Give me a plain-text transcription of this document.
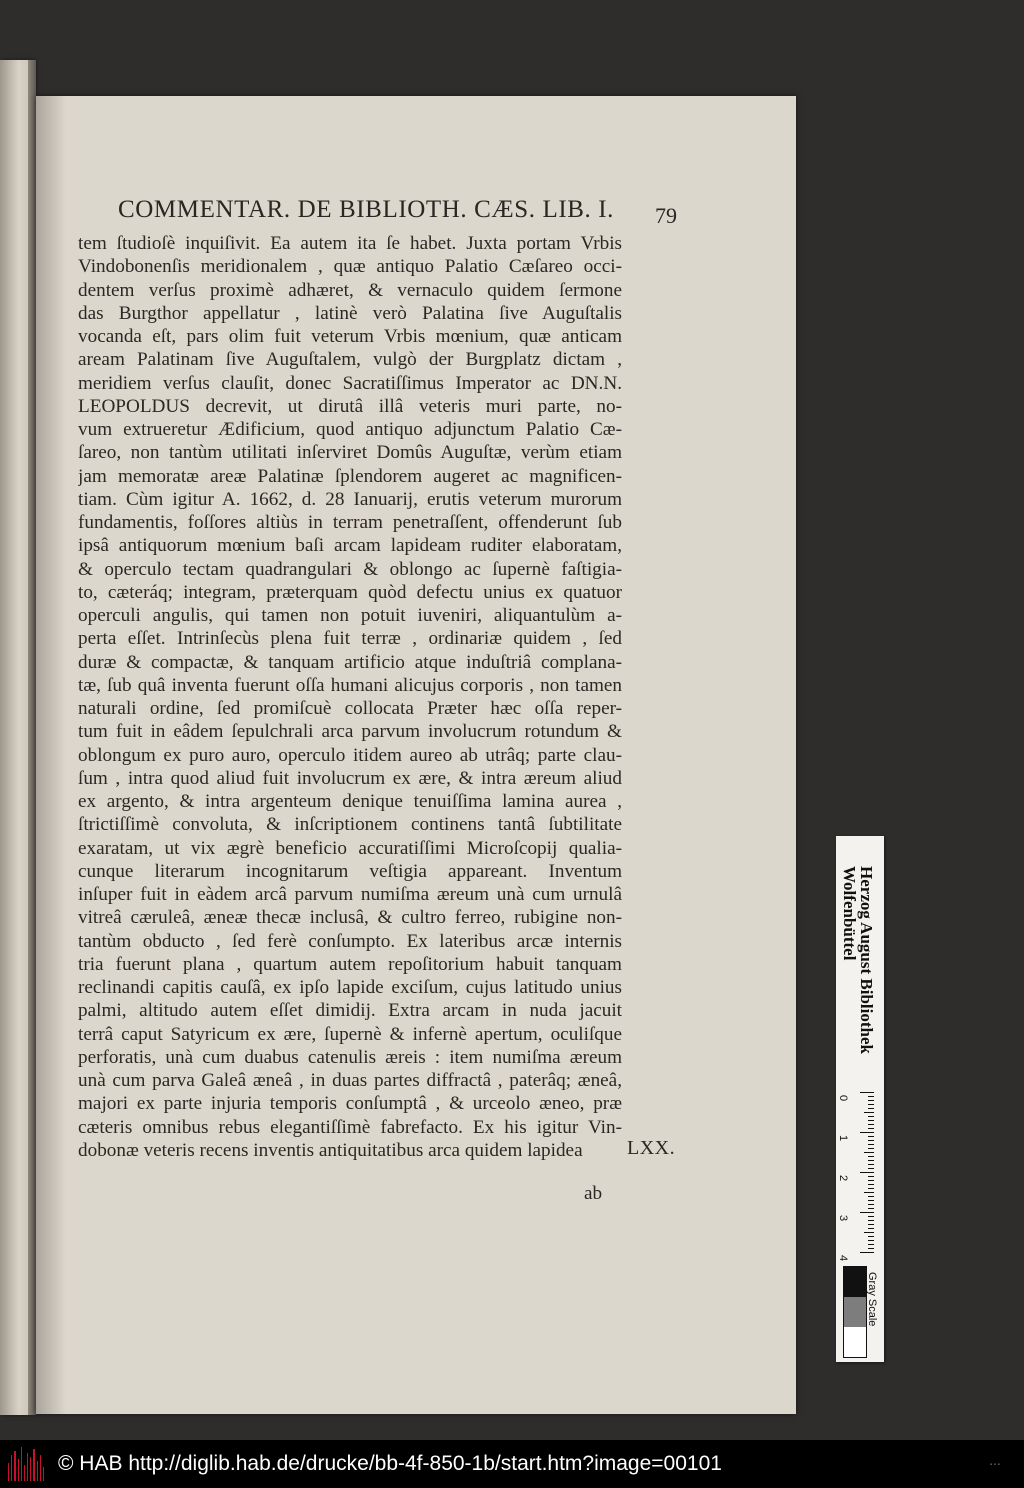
COMMENTAR. DE BIBLIOTH. CÆS. LIB. I. 79
tem ſtudioſè inquiſivit. Ea autem ita ſe habet. Juxta portam Vrbis
Vindobonenſis meridionalem , quæ antiquo Palatio Cæſareo occi-
dentem verſus proximè adhæret, & vernaculo quidem ſermone
das Burgthor appellatur , latinè verò Palatina ſive Auguſtalis
vocanda eſt, pars olim fuit veterum Vrbis mœnium, quæ anticam
aream Palatinam ſive Auguſtalem, vulgò der Burgplatz dictam ,
meridiem verſus clauſit, donec Sacratiſſimus Imperator ac DN.N.
LEOPOLDUS decrevit, ut dirutâ illâ veteris muri parte, no-
vum extrueretur Ædificium, quod antiquo adjunctum Palatio Cæ-
ſareo, non tantùm utilitati inſerviret Domûs Auguſtæ, verùm etiam
jam memoratæ areæ Palatinæ ſplendorem augeret ac magnificen-
tiam. Cùm igitur A. 1662, d. 28 Ianuarij, erutis veterum murorum
fundamentis, foſſores altiùs in terram penetraſſent, offenderunt ſub
ipsâ antiquorum mœnium baſi arcam lapideam ruditer elaboratam,
& operculo tectam quadrangulari & oblongo ac ſupernè faſtigia-
to, cæteráq; integram, præterquam quòd defectu unius ex quatuor
operculi angulis, qui tamen non potuit iuveniri, aliquantulùm a-
perta eſſet. Intrinſecùs plena fuit terræ , ordinariæ quidem , ſed
duræ & compactæ, & tanquam artificio atque induſtriâ complana-
tæ, ſub quâ inventa fuerunt oſſa humani alicujus corporis , non tamen
naturali ordine, ſed promiſcuè collocata Præter hæc oſſa reper-
tum fuit in eâdem ſepulchrali arca parvum involucrum rotundum &
oblongum ex puro auro, operculo itidem aureo ab utrâq; parte clau-
ſum , intra quod aliud fuit involucrum ex ære, & intra æreum aliud
ex argento, & intra argenteum denique tenuiſſima lamina aurea ,
ſtrictiſſimè convoluta, & inſcriptionem continens tantâ ſubtilitate
exaratam, ut vix ægrè beneficio accuratiſſimi Microſcopij qualia-
cunque literarum incognitarum veſtigia appareant. Inventum
inſuper fuit in eàdem arcâ parvum numiſma æreum unà cum urnulâ
vitreâ cæruleâ, æneæ thecæ inclusâ, & cultro ferreo, rubigine non-
tantùm obducto , ſed ferè conſumpto. Ex lateribus arcæ internis
tria fuerunt plana , quartum autem repoſitorium habuit tanquam
reclinandi capitis cauſâ, ex ipſo lapide exciſum, cujus latitudo unius
palmi, altitudo autem eſſet dimidij. Extra arcam in nuda jacuit
terrâ caput Satyricum ex ære, ſupernè & infernè apertum, oculiſque
perforatis, unà cum duabus catenulis æreis : item numiſma æreum
unà cum parva Galeâ æneâ , in duas partes diffractâ , paterâq; æneâ,
majori ex parte injuria temporis conſumptâ , & urceolo æneo, præ
cæteris omnibus rebus elegantiſſimè fabrefacto. Ex his igitur Vin-
dobonæ veteris recens inventis antiquitatibus arca quidem lapidea
ab
LXX.
Herzog August Bibliothek
Wolfenbüttel
0
1
2
3
4
Gray Scale
© HAB http://diglib.hab.de/drucke/bb-4f-850-1b/start.htm?image=00101	▪ ▪ ▪
